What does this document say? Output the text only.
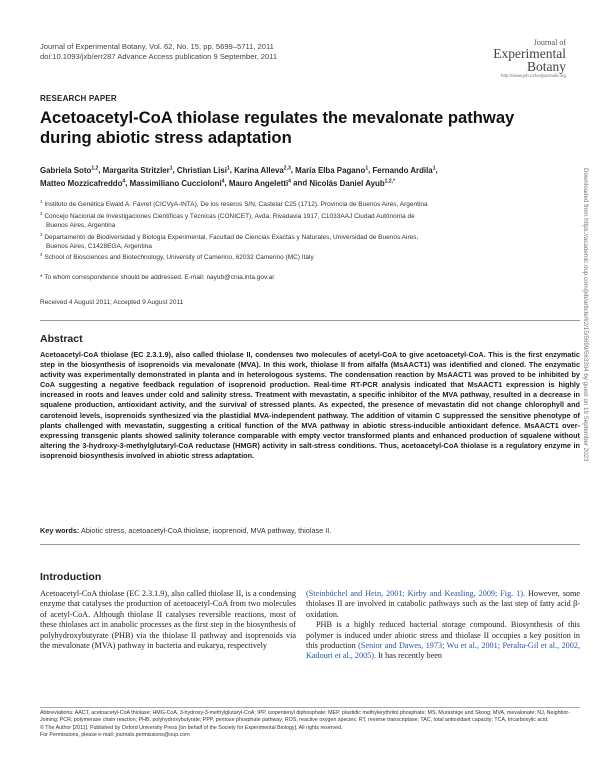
Journal of Experimental Botany, Vol. 62, No. 15, pp. 5699–5711, 2011
doi:10.1093/jxb/err287 Advance Access publication 9 September, 2011
Journal of
Experimental
Botany
http://www.jxb.oxfordjournals.org
RESEARCH PAPER
Acetoacetyl-CoA thiolase regulates the mevalonate pathway
during abiotic stress adaptation
Gabriela Soto$^{1,2}$, Margarita Stritzler$^1$, Christian Lisi$^1$, Karina Alleva$^{2,3}$, María Elba Pagano$^1$, Fernando Ardila$^1$,
Matteo Mozzicafreddo$^4$, Massimiliano Cuccioloni$^4$, Mauro Angeletti$^4$ and Nicolás Daniel Ayub$^{1,2,*}$
$^1$ Instituto de Genética Ewald A. Favret (CICVyA-INTA), De los reseros S/N, Castelar C25 (1712), Provincia de Buenos Aires, Argentina
$^2$ Concejo Nacional de Investigaciones Científicas y Técnicas (CONICET), Avda. Rivadavia 1917, C1033AAJ Ciudad Autónoma de
Buenos Aires, Argentina
$^3$ Departamento de Biodiversidad y Biología Experimental, Facultad de Ciencias Exactas y Naturales, Universidad de Buenos Aires,
Buenos Aires, C1428EGA, Argentina
$^4$ School of Biosciences and Biotechnology, University of Camerino, 62032 Camerino (MC) Italy
* To whom correspondence should be addressed. E-mail: nayub@cnia.inta.gov.ar
Received 4 August 2011; Accepted 9 August 2011
Abstract
Acetoacetyl-CoA thiolase (EC 2.3.1.9), also called thiolase II, condenses two molecules of acetyl-CoA to give acetoacetyl-CoA. This is the first enzymatic step in the biosynthesis of isoprenoids via mevalonate (MVA). In this work, thiolase II from alfalfa (MsAACT1) was identified and cloned. The enzymatic activity was experimentally demonstrated in planta and in heterologous systems. The condensation reaction by MsAACT1 was proved to be inhibited by CoA suggesting a negative feedback regulation of isoprenoid production. Real-time RT-PCR analysis indicated that MsAACT1 expression is highly increased in roots and leaves under cold and salinity stress. Treatment with mevastatin, a specific inhibitor of the MVA pathway, resulted in a decrease in squalene production, antioxidant activity, and the survival of stressed plants. As expected, the presence of mevastatin did not change chlorophyll and carotenoid levels, isoprenoids synthesized via the plastidial MVA-independent pathway. The addition of vitamin C suppressed the sensitive phenotype of plants challenged with mevastatin, suggesting a critical function of the MVA pathway in abiotic stress-inducible antioxidant defence. MsAACT1 over-expressing transgenic plants showed salinity tolerance comparable with empty vector transformed plants and enhanced production of squalene without altering the 3-hydroxy-3-methylglutaryl-CoA reductase (HMGR) activity in salt-stress conditions. Thus, acetoacetyl-CoA thiolase is a regulatory enzyme in isoprenoid biosynthesis involved in abiotic stress adaptation.
Key words: Abiotic stress, acetoacetyl-CoA thiolase, isoprenoid, MVA pathway, thiolase II.
Introduction
Acetoacetyl-CoA thiolase (EC 2.3.1.9), also called thiolase II, is a condensing enzyme that catalyses the production of acetoacetyl-CoA from two molecules of acetyl-CoA. Although thiolase II catalyses reversible reactions, most of these thiolases act in anabolic processes as the first step in the biosynthesis of polyhydroxybutyrate (PHB) via the thiolase II pathway and isoprenoids via the mevalonate (MVA) pathway in bacteria and eukarya, respectively
(Steinbüchel and Hein, 2001; Kirby and Keasling, 2009; Fig. 1). However, some thiolases II are involved in catabolic pathways such as the last step of fatty acid β-oxidation.
PHB is a highly reduced bacterial storage compound. Biosynthesis of this polymer is induced under abiotic stress and thiolase II occupies a key position in this production (Senior and Dawes, 1973; Wu et al., 2001; Peralta-Gil et al., 2002, Kadouri et al., 2005). It has recently been
Abbreviations: AACT, acetoacetyl-CoA thiolase; HMG-CoA, 3-hydroxy-3-methylglutaryl-CoA; IPP, isopentenyl diphosphate; MEP, plastidic methylerythritol phosphate; MS, Murashige and Skoog; MVA, mevalonate; NJ, Neighbor-Joining; PCR, polymerase chain reaction; PHB, polyhydroxybutyrate; PPP, pentose phosphate pathway; ROS, reactive oxygen species; RT, reverse transcriptase; TAC, total antioxidant capacity; TCA, tricarboxylic acid.
© The Author [2011]. Published by Oxford University Press [on behalf of the Society for Experimental Biology]. All rights reserved.
For Permissions, please e-mail: journals.permissions@oup.com
Downloaded from https://academic.oup.com/jxb/article/62/15/5699/563304 by guest on 19 September 2023
